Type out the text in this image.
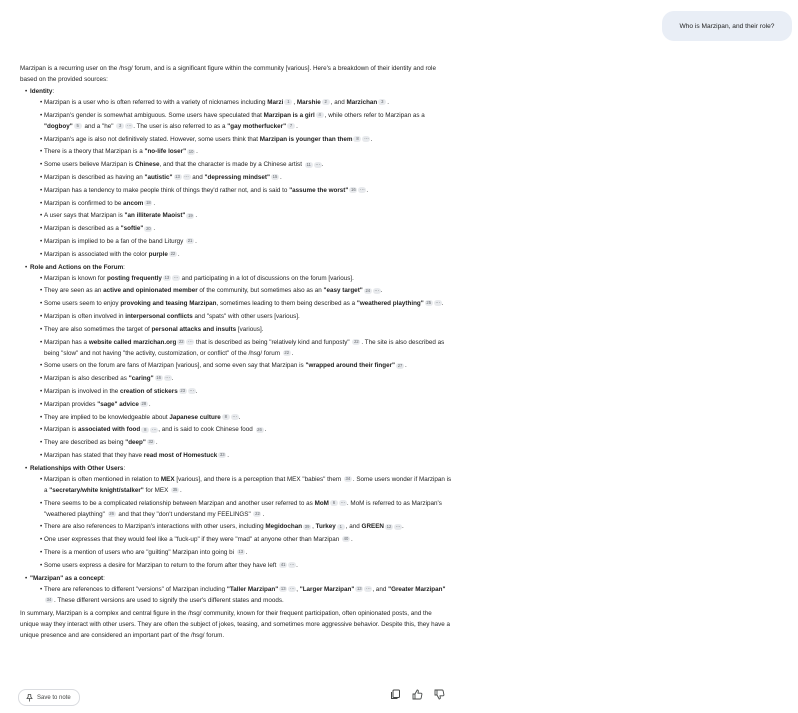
Who is Marzipan, and their role?

Marzipan is a recurring user on the /hsg/ forum, and is a significant figure within the community [various]. Here's a breakdown of their identity and role based on the provided sources:

• Identity:
• Marzipan is a user who is often referred to with a variety of nicknames including Marzi 1 , Marshie 2 , and Marzichan 3 .
• Marzipan's gender is somewhat ambiguous. Some users have speculated that Marzipan is a girl 4 , while others refer to Marzipan as a "dogboy" 5 and a "he" 3 … . The user is also referred to as a "gay motherfucker" 7 .
• Marzipan's age is also not definitively stated. However, some users think that Marzipan is younger than them 8 … .
• There is a theory that Marzipan is a "no-life loser" 10 .
• Some users believe Marzipan is Chinese, and that the character is made by a Chinese artist 11 … .
• Marzipan is described as having an "autistic" 13 … and "depressing mindset" 15 .
• Marzipan has a tendency to make people think of things they'd rather not, and is said to "assume the worst" 16 … .
• Marzipan is confirmed to be ancom 18 .
• A user says that Marzipan is "an illiterate Maoist" 19 .
• Marzipan is described as a "softie" 20 .
• Marzipan is implied to be a fan of the band Liturgy 21 .
• Marzipan is associated with the color purple 22 .
• Role and Actions on the Forum:
• Marzipan is known for posting frequently 13 … and participating in a lot of discussions on the forum [various].
• They are seen as an active and opinionated member of the community, but sometimes also as an "easy target" 24 … .
• Some users seem to enjoy provoking and teasing Marzipan, sometimes leading to them being described as a "weathered plaything" 25 … .
• Marzipan is often involved in interpersonal conflicts and "spats" with other users [various].
• They are also sometimes the target of personal attacks and insults [various].
• Marzipan has a website called marzichan.org 22 … that is described as being "relatively kind and funposty" 22 . The site is also described as being "slow" and not having "the activity, customization, or conflict" of the /hsg/ forum 22 .
• Some users on the forum are fans of Marzipan [various], and some even say that Marzipan is "wrapped around their finger" 27 .
• Marzipan is also described as "caring" 16 … .
• Marzipan is involved in the creation of stickers 23 … .
• Marzipan provides "sage" advice 28 .
• They are implied to be knowledgeable about Japanese culture 8 … .
• Marzipan is associated with food 8 … , and is said to cook Chinese food 26 .
• They are described as being "deep" 32 .
• Marzipan has stated that they have read most of Homestuck 33 .
• Relationships with Other Users:
• Marzipan is often mentioned in relation to MEX [various], and there is a perception that MEX "babies" them 34 . Some users wonder if Marzipan is a "secretary/white knight/stalker" for MEX 35 .
• There seems to be a complicated relationship between Marzipan and another user referred to as MoM 6 … . MoM is referred to as Marzipan's "weathered plaything" 26 and that they "don't understand my FEELINGS" 22 .
• There are also references to Marzipan's interactions with other users, including Megidochan 39 , Turkey 1 , and GREEN 12 … .
• One user expresses that they would feel like a "fuck-up" if they were "mad" at anyone other than Marzipan 40 .
• There is a mention of users who are "guilting" Marzipan into going bi 13 .
• Some users express a desire for Marzipan to return to the forum after they have left 41 … .
• "Marzipan" as a concept:
• There are references to different "versions" of Marzipan including "Taller Marzipan" 13 … , "Larger Marzipan" 13 … , and "Greater Marzipan"34 . These different versions are used to signify the user's different states and moods.

In summary, Marzipan is a complex and central figure in the /hsg/ community, known for their frequent participation, often opinionated posts, and the unique way they interact with other users. They are often the subject of jokes, teasing, and sometimes more aggressive behavior. Despite this, they have a unique presence and are considered an important part of the /hsg/ forum.

Save to note
